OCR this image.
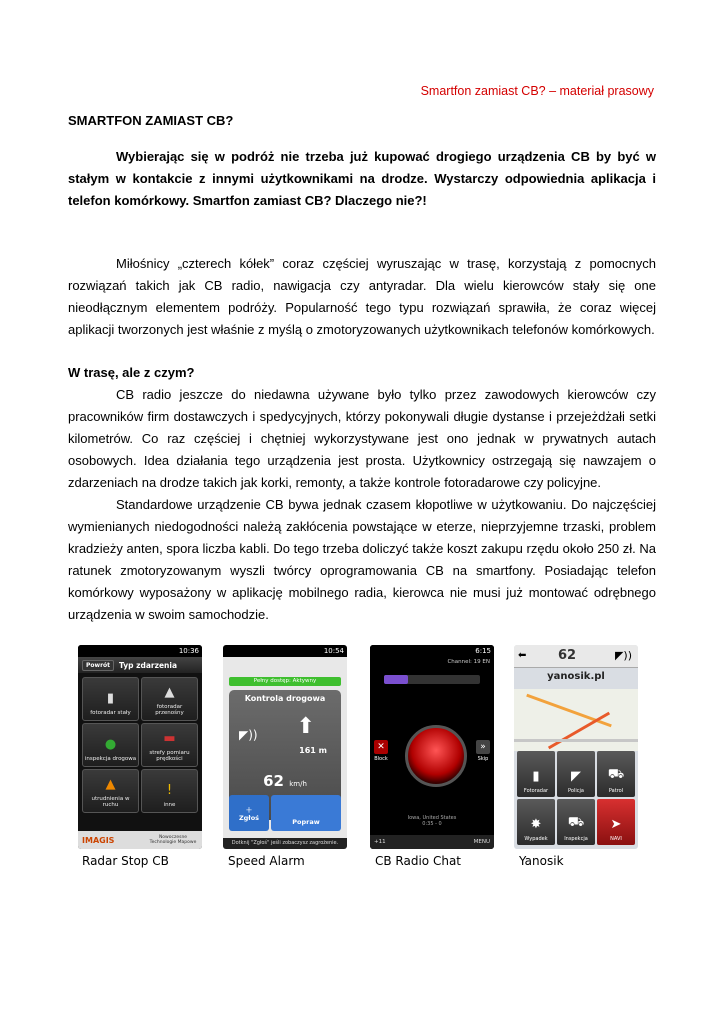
Smartfon zamiast CB? – materiał prasowy
SMARTFON ZAMIAST CB?

Wybierając się w podróż nie trzeba już kupować drogiego urządzenia CB by być w stałym w kontakcie z innymi użytkownikami na drodze. Wystarczy odpowiednia aplikacja i telefon komórkowy. Smartfon zamiast CB? Dlaczego nie?!

Miłośnicy „czterech kółek” coraz częściej wyruszając w trasę, korzystają z pomocnych rozwiązań takich jak CB radio, nawigacja czy antyradar. Dla wielu kierowców stały się one nieodłącznym elementem podróży. Popularność tego typu rozwiązań sprawiła, że coraz więcej aplikacji tworzonych jest właśnie z myślą o zmotoryzowanych użytkownikach telefonów komórkowych.

W trasę, ale z czym?

CB radio jeszcze do niedawna używane było tylko przez zawodowych kierowców czy pracowników firm dostawczych i spedycyjnych, którzy pokonywali długie dystanse i przejeżdżałi setki kilometrów. Co raz częściej i chętniej wykorzystywane jest ono jednak w prywatnych autach osobowych. Idea działania tego urządzenia jest prosta. Użytkownicy ostrzegają się nawzajem o zdarzeniach na drodze takich jak korki, remonty, a także kontrole fotoradarowe czy policyjne.

Standardowe urządzenie CB bywa jednak czasem kłopotliwe w użytkowaniu. Do najczęściej wymienianych niedogodności należą zakłócenia powstające w eterze, nieprzyjemne trzaski, problem kradzieży anten, spora liczba kabli. Do tego trzeba doliczyć także koszt zakupu rzędu około 250 zł. Na ratunek zmotoryzowanym wyszli twórcy oprogramowania CB na smartfony. Posiadając telefon komórkowy wyposażony w aplikację mobilnego radia, kierowca nie musi już montować odrębnego urządzenia w swoim samochodzie.

10:36
Powrót	Typ zdarzenia
▮
fotoradar stały
▲
fotoradar przenośny
●
inspekcja drogowa
▬
strefy pomiaru prędkości
▲
utrudnienia w ruchu
!
inne
IMAGIS	Nowoczesne Technologie Mapowe
Radar Stop CB
10:54
Pełny dostęp: Aktywny
Kontrola drogowa
◤)) ⬆
161 m
62 km/h
＋
Zgłoś
Popraw
Dotknij "Zgłoś" jeśli zobaczysz zagrożenie.
Speed Alarm
6:15
Channel: 19 EN
✕
Block
»
Skip
Iowa, United States
0:35 - 0
+11	MENU
CB Radio Chat
⬅ 62	◤))
yanosik.pl
▮
Fotoradar
◤
Policja
⛟
Patrol
✸
Wypadek
⛟
Inspekcja
➤
NAVI
Yanosik
